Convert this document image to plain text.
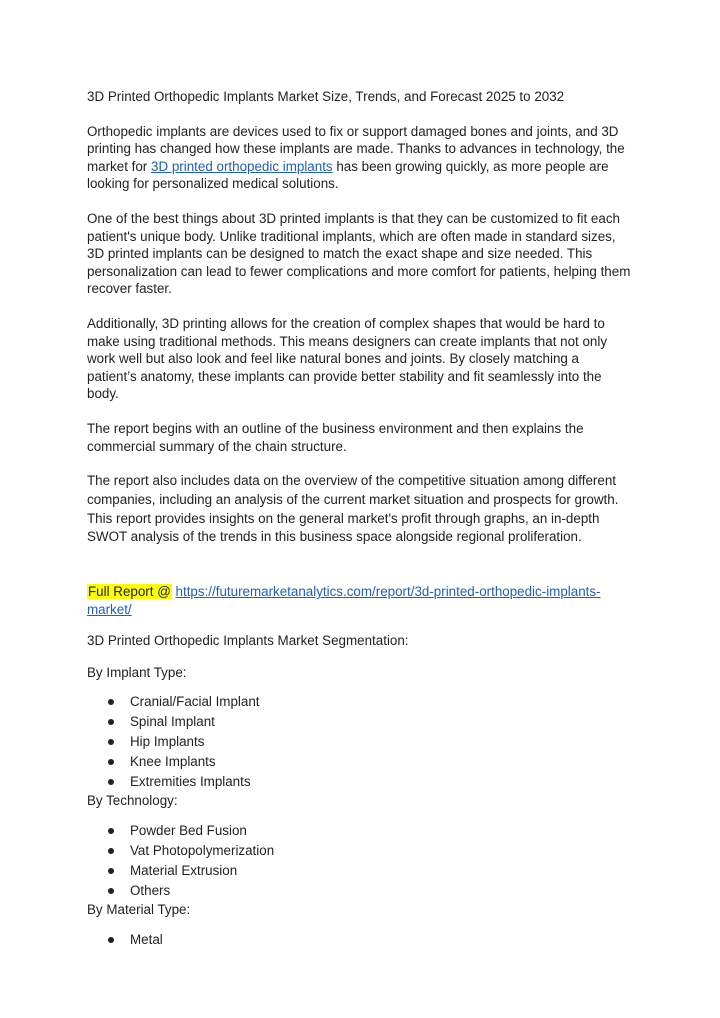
3D Printed Orthopedic Implants Market Size, Trends, and Forecast 2025 to 2032

Orthopedic implants are devices used to fix or support damaged bones and joints, and 3D printing has changed how these implants are made. Thanks to advances in technology, the market for 3D printed orthopedic implants has been growing quickly, as more people are looking for personalized medical solutions.

One of the best things about 3D printed implants is that they can be customized to fit each patient's unique body. Unlike traditional implants, which are often made in standard sizes, 3D printed implants can be designed to match the exact shape and size needed. This personalization can lead to fewer complications and more comfort for patients, helping them recover faster.

Additionally, 3D printing allows for the creation of complex shapes that would be hard to make using traditional methods. This means designers can create implants that not only work well but also look and feel like natural bones and joints. By closely matching a patient’s anatomy, these implants can provide better stability and fit seamlessly into the body.

The report begins with an outline of the business environment and then explains the commercial summary of the chain structure.

The report also includes data on the overview of the competitive situation among different companies, including an analysis of the current market situation and prospects for growth. This report provides insights on the general market's profit through graphs, an in-depth SWOT analysis of the trends in this business space alongside regional proliferation.

Full Report @ https://futuremarketanalytics.com/report/3d-printed-orthopedic-implants-market/

3D Printed Orthopedic Implants Market Segmentation:

By Implant Type:

Cranial/Facial Implant
Spinal Implant
Hip Implants
Knee Implants
Extremities Implants

By Technology:

Powder Bed Fusion
Vat Photopolymerization
Material Extrusion
Others

By Material Type:

Metal
